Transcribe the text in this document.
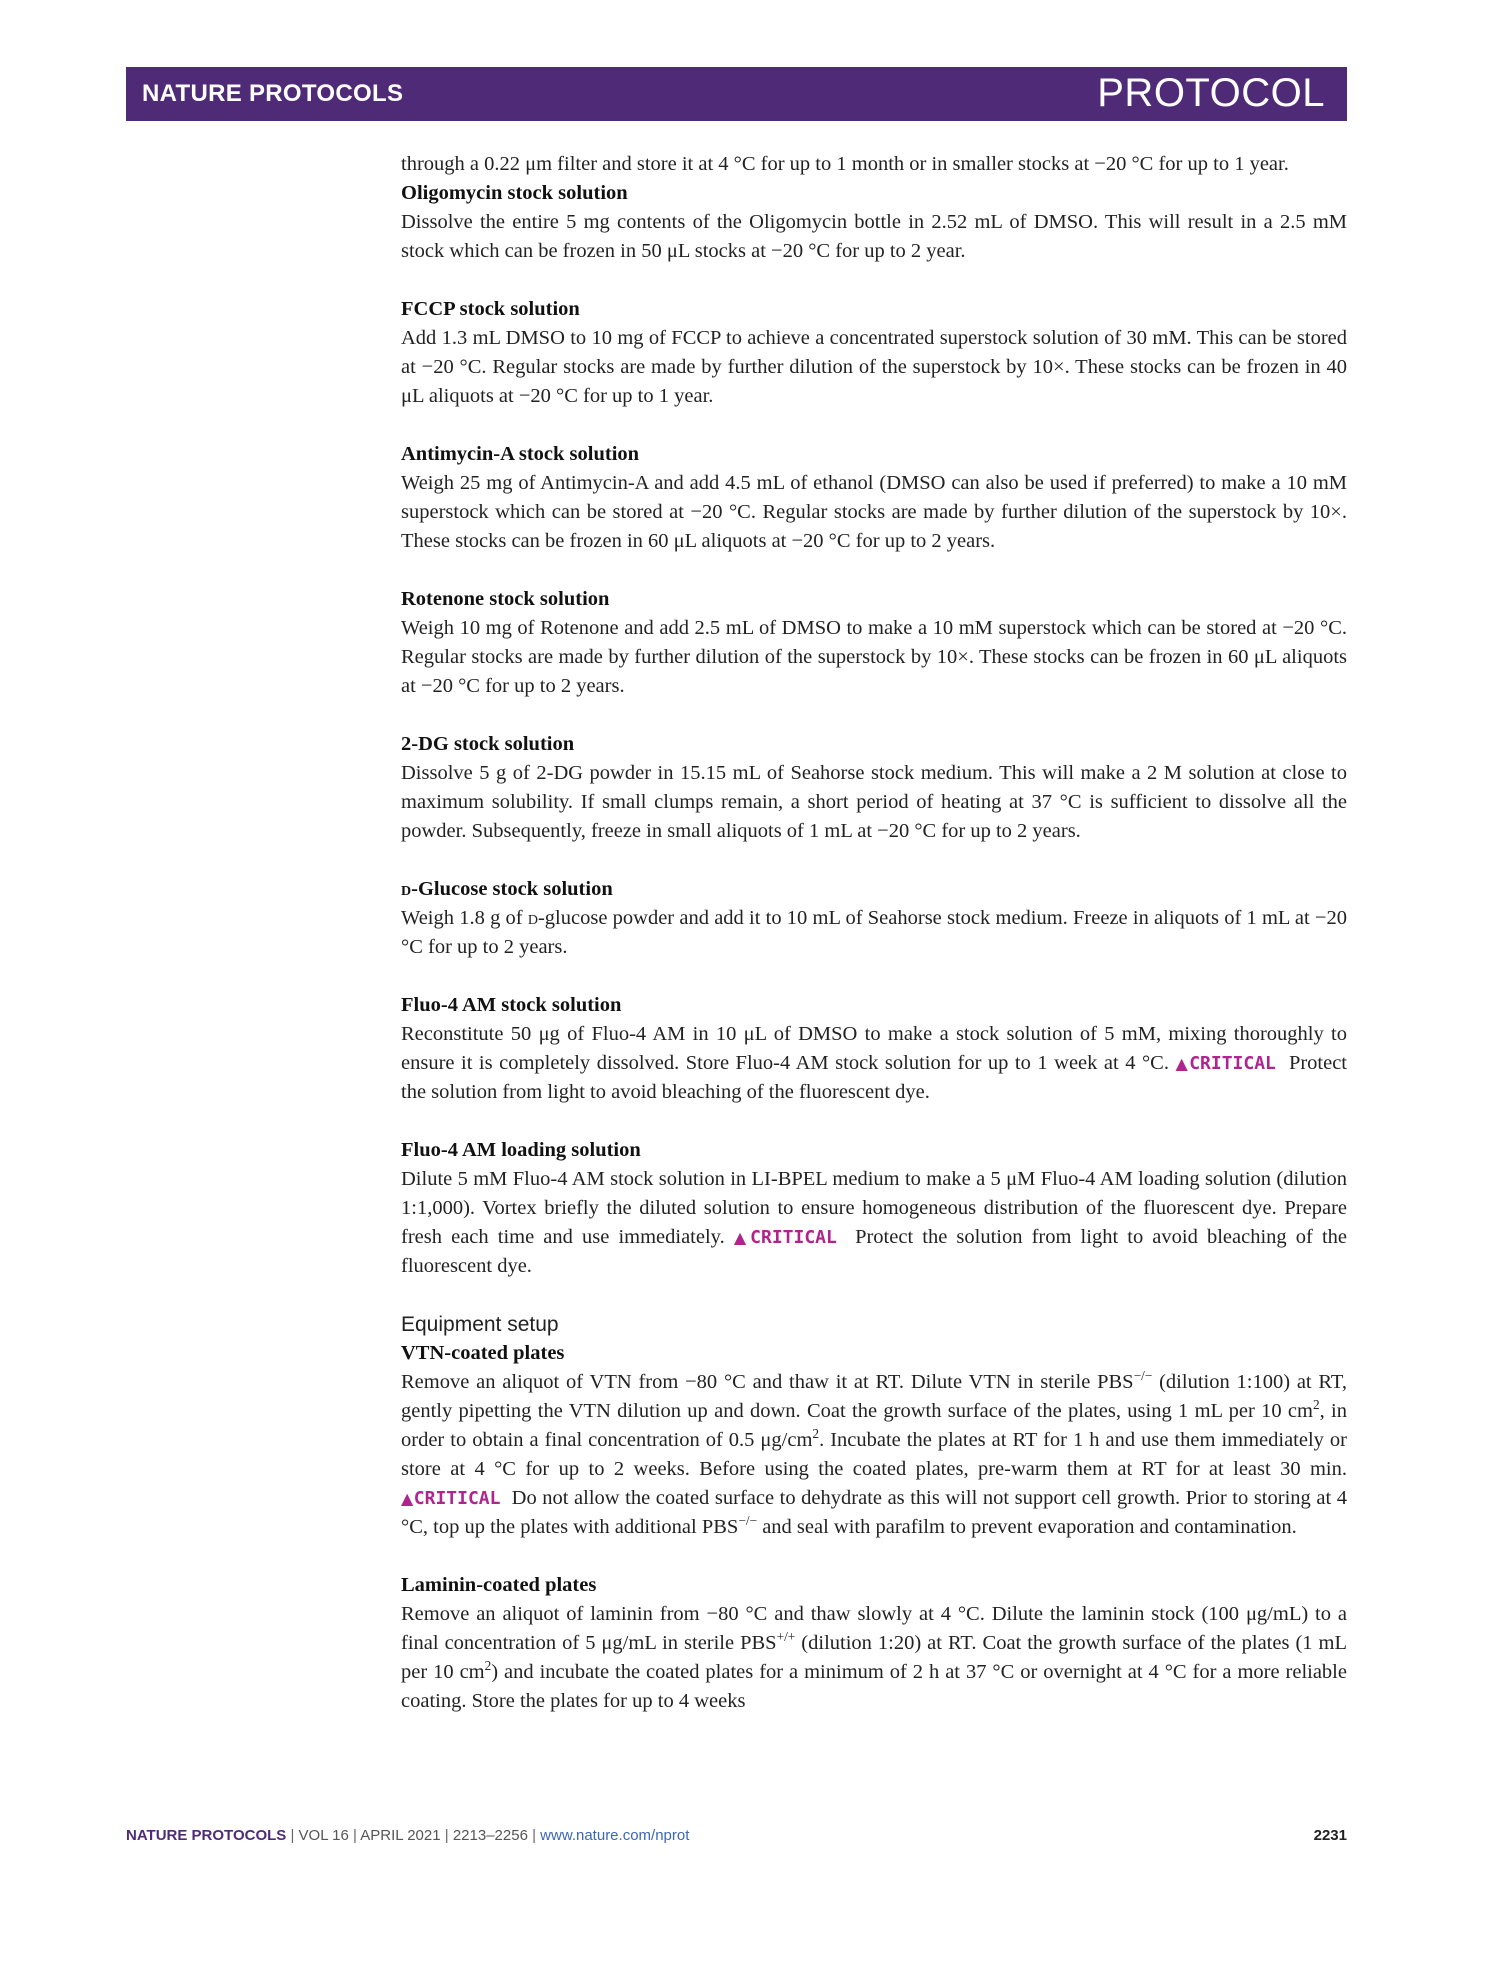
NATURE PROTOCOLS	PROTOCOL

through a 0.22 μm filter and store it at 4 °C for up to 1 month or in smaller stocks at −20 °C for up to 1 year.

Oligomycin stock solution

Dissolve the entire 5 mg contents of the Oligomycin bottle in 2.52 mL of DMSO. This will result in a 2.5 mM stock which can be frozen in 50 μL stocks at −20 °C for up to 2 year.

FCCP stock solution

Add 1.3 mL DMSO to 10 mg of FCCP to achieve a concentrated superstock solution of 30 mM. This can be stored at −20 °C. Regular stocks are made by further dilution of the superstock by 10×. These stocks can be frozen in 40 μL aliquots at −20 °C for up to 1 year.

Antimycin-A stock solution

Weigh 25 mg of Antimycin-A and add 4.5 mL of ethanol (DMSO can also be used if preferred) to make a 10 mM superstock which can be stored at −20 °C. Regular stocks are made by further dilution of the superstock by 10×. These stocks can be frozen in 60 μL aliquots at −20 °C for up to 2 years.

Rotenone stock solution

Weigh 10 mg of Rotenone and add 2.5 mL of DMSO to make a 10 mM superstock which can be stored at −20 °C. Regular stocks are made by further dilution of the superstock by 10×. These stocks can be frozen in 60 μL aliquots at −20 °C for up to 2 years.

2-DG stock solution

Dissolve 5 g of 2-DG powder in 15.15 mL of Seahorse stock medium. This will make a 2 M solution at close to maximum solubility. If small clumps remain, a short period of heating at 37 °C is sufficient to dissolve all the powder. Subsequently, freeze in small aliquots of 1 mL at −20 °C for up to 2 years.

d-Glucose stock solution

Weigh 1.8 g of d-glucose powder and add it to 10 mL of Seahorse stock medium. Freeze in aliquots of 1 mL at −20 °C for up to 2 years.

Fluo-4 AM stock solution

Reconstitute 50 μg of Fluo-4 AM in 10 μL of DMSO to make a stock solution of 5 mM, mixing thoroughly to ensure it is completely dissolved. Store Fluo-4 AM stock solution for up to 1 week at 4 °C. ▲CRITICAL Protect the solution from light to avoid bleaching of the fluorescent dye.

Fluo-4 AM loading solution

Dilute 5 mM Fluo-4 AM stock solution in LI-BPEL medium to make a 5 μM Fluo-4 AM loading solution (dilution 1:1,000). Vortex briefly the diluted solution to ensure homogeneous distribution of the fluorescent dye. Prepare fresh each time and use immediately. ▲CRITICAL Protect the solution from light to avoid bleaching of the fluorescent dye.

Equipment setup

VTN-coated plates

Remove an aliquot of VTN from −80 °C and thaw it at RT. Dilute VTN in sterile PBS−/− (dilution 1:100) at RT, gently pipetting the VTN dilution up and down. Coat the growth surface of the plates, using 1 mL per 10 $cm^2$, in order to obtain a final concentration of 0.5 $\mu g/cm^2$. Incubate the plates at RT for 1 h and use them immediately or store at 4 °C for up to 2 weeks. Before using the coated plates, pre-warm them at RT for at least 30 min. ▲CRITICAL Do not allow the coated surface to dehydrate as this will not support cell growth. Prior to storing at 4 °C, top up the plates with additional PBS−/− and seal with parafilm to prevent evaporation and contamination.

Laminin-coated plates

Remove an aliquot of laminin from −80 °C and thaw slowly at 4 °C. Dilute the laminin stock (100 μg/mL) to a final concentration of 5 μg/mL in sterile PBS+/+ (dilution 1:20) at RT. Coat the growth surface of the plates (1 mL per 10 $cm^2$) and incubate the coated plates for a minimum of 2 h at 37 °C or overnight at 4 °C for a more reliable coating. Store the plates for up to 4 weeks

NATURE PROTOCOLS | VOL 16 | APRIL 2021 | 2213–2256 | www.nature.com/nprot	2231
